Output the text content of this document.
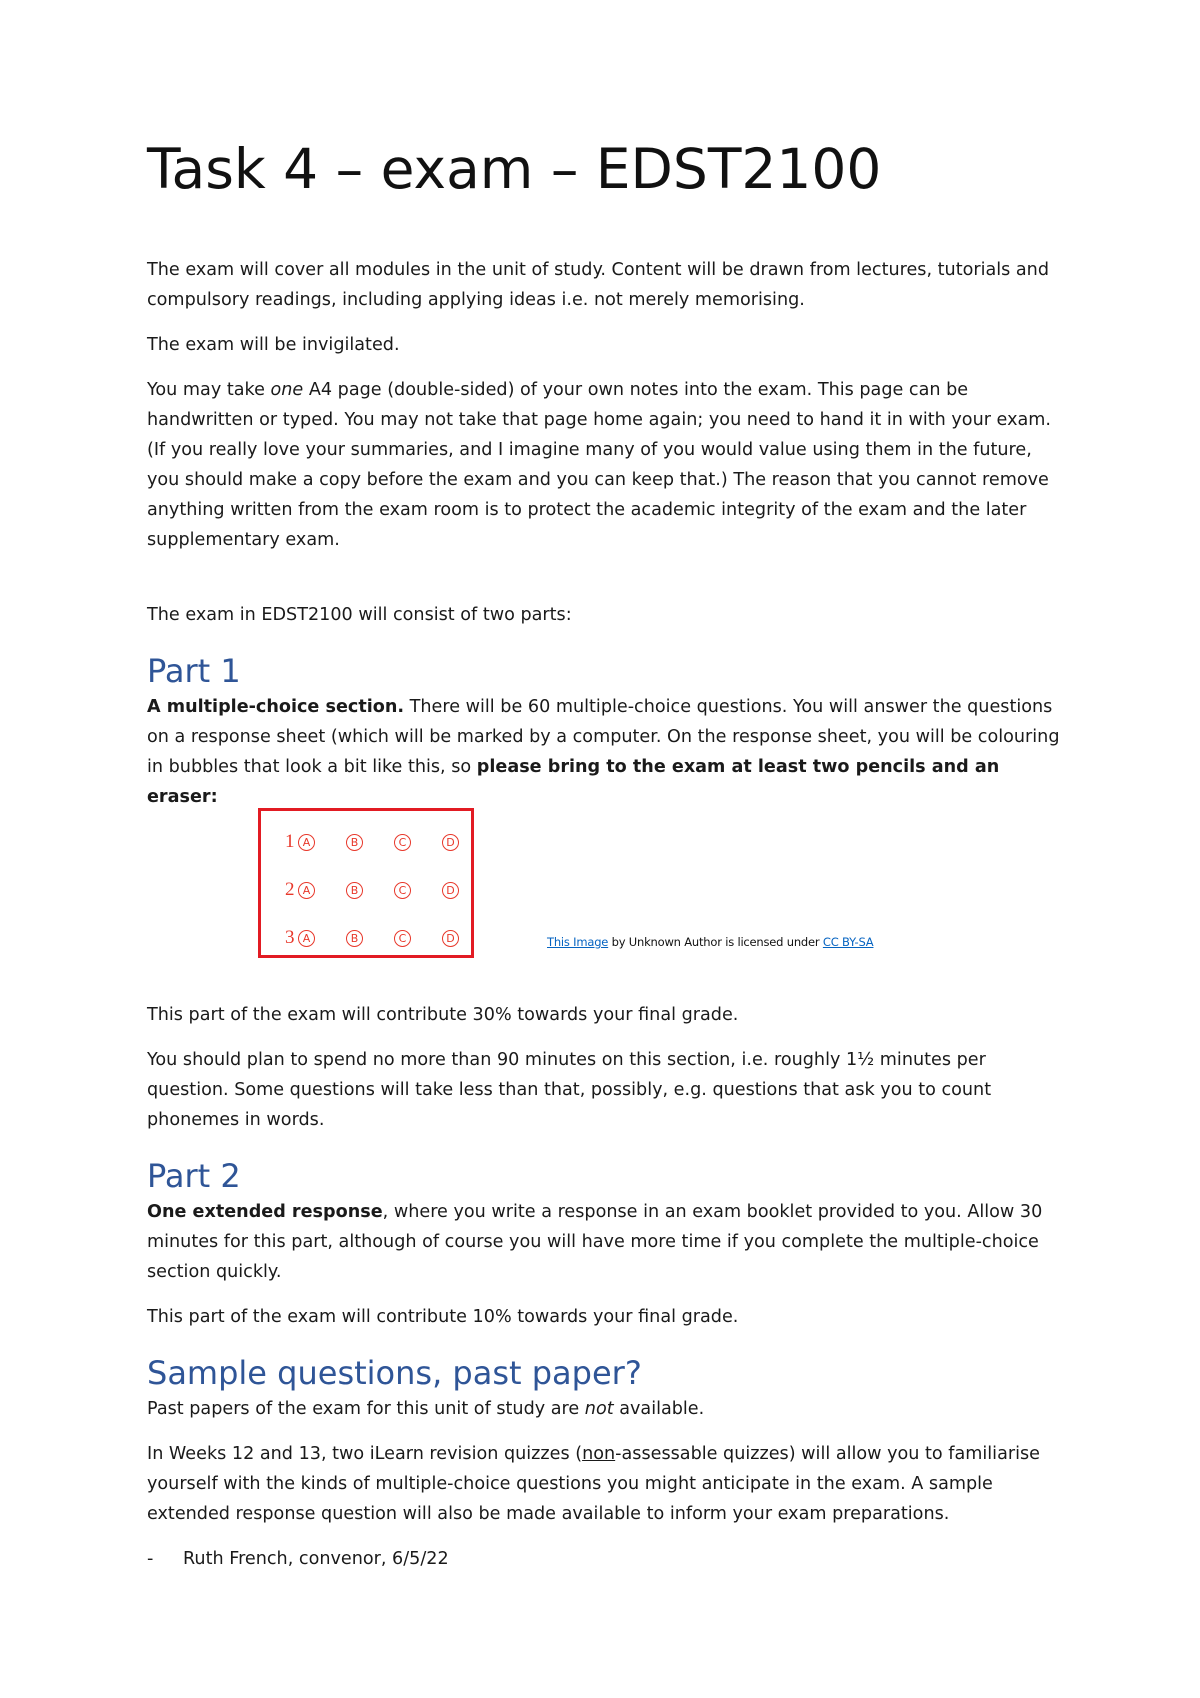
Task 4 – exam – EDST2100

The exam will cover all modules in the unit of study. Content will be drawn from lectures, tutorials and compulsory readings, including applying ideas i.e. not merely memorising.

The exam will be invigilated.

You may take one A4 page (double-sided) of your own notes into the exam. This page can be handwritten or typed. You may not take that page home again; you need to hand it in with your exam. (If you really love your summaries, and I imagine many of you would value using them in the future, you should make a copy before the exam and you can keep that.) The reason that you cannot remove anything written from the exam room is to protect the academic integrity of the exam and the later supplementary exam.

The exam in EDST2100 will consist of two parts:

Part 1

A multiple-choice section. There will be 60 multiple-choice questions. You will answer the questions on a response sheet (which will be marked by a computer. On the response sheet, you will be colouring in bubbles that look a bit like this, so please bring to the exam at least two pencils and an eraser:

1 A	B	C	D
2 A	B	C	D
3 A	B	C	D	This Image by Unknown Author is licensed under CC BY-SA

This part of the exam will contribute 30% towards your final grade.

You should plan to spend no more than 90 minutes on this section, i.e. roughly 1½ minutes per question. Some questions will take less than that, possibly, e.g. questions that ask you to count phonemes in words.

Part 2

One extended response, where you write a response in an exam booklet provided to you. Allow 30 minutes for this part, although of course you will have more time if you complete the multiple-choice section quickly.

This part of the exam will contribute 10% towards your final grade.

Sample questions, past paper?

Past papers of the exam for this unit of study are not available.

In Weeks 12 and 13, two iLearn revision quizzes (non-assessable quizzes) will allow you to familiarise yourself with the kinds of multiple-choice questions you might anticipate in the exam. A sample extended response question will also be made available to inform your exam preparations.

-	Ruth French, convenor, 6/5/22
